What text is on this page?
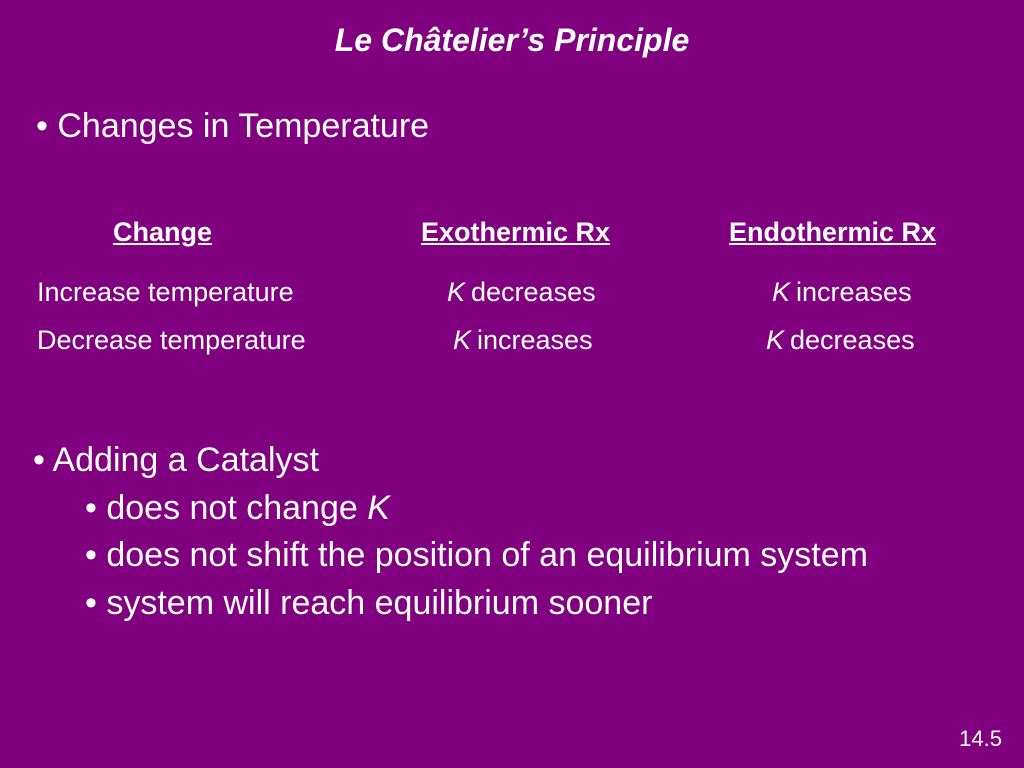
Le Châtelier’s Principle
• Changes in Temperature
Change	Exothermic Rx	Endothermic Rx
Increase temperature	K decreases	K increases
Decrease temperature	K increases	K decreases
• Adding a Catalyst
• does not change K
• does not shift the position of an equilibrium system
• system will reach equilibrium sooner
14.5
